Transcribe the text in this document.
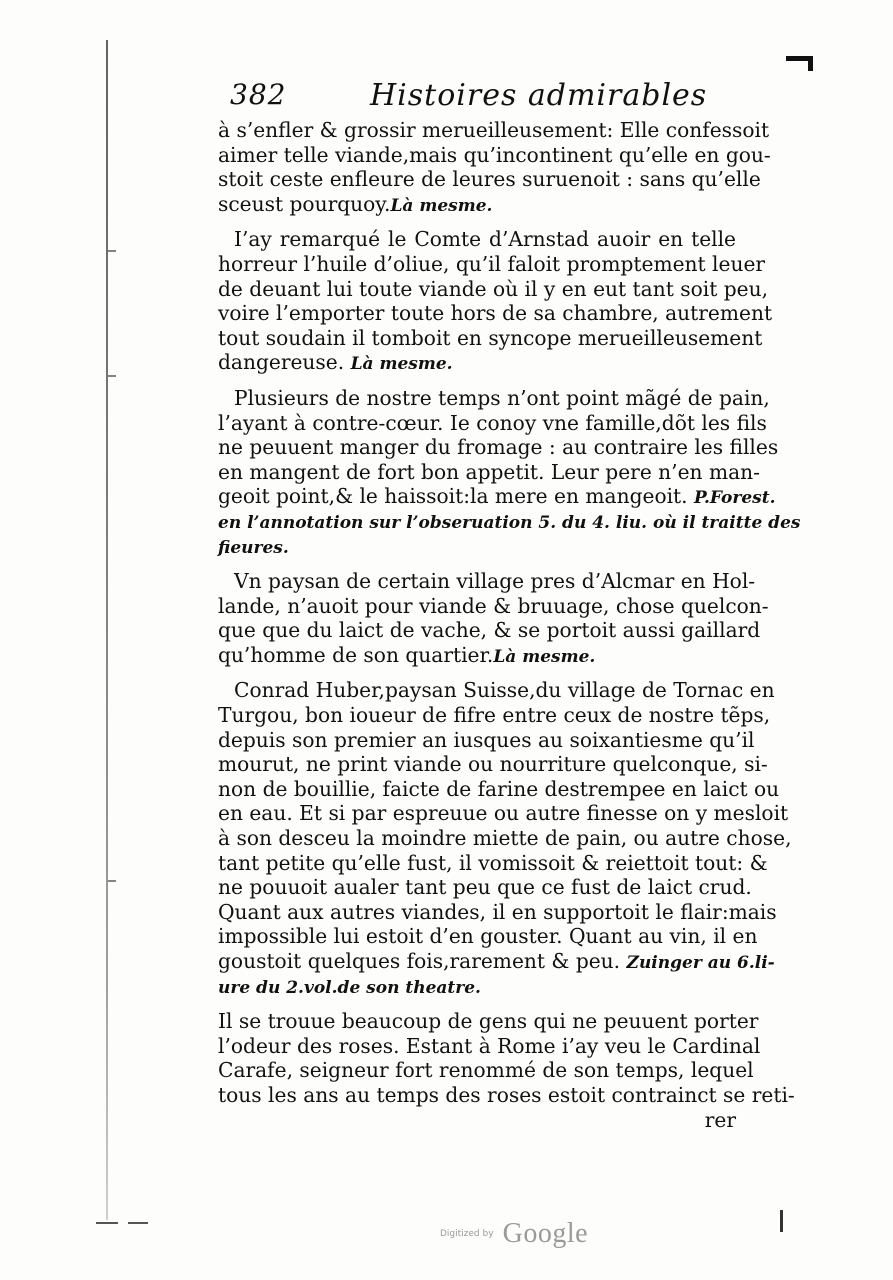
382	Histoires admirables
à s’enfler & grossir merueilleusement: Elle confessoit
aimer telle viande,mais qu’incontinent qu’elle en gou-
stoit ceste enfleure de leures suruenoit : sans qu’elle
sceust pourquoy.Là mesme.
I’ay remarqué le Comte d’Arnstad auoir en telle
horreur l’huile d’oliue, qu’il faloit promptement leuer
de deuant lui toute viande où il y en eut tant soit peu,
voire l’emporter toute hors de sa chambre, autrement
tout soudain il tomboit en syncope merueilleusement
dangereuse. Là mesme.
Plusieurs de nostre temps n’ont point mãgé de pain,
l’ayant à contre-cœur. Ie conoy vne famille,dõt les fils
ne peuuent manger du fromage : au contraire les filles
en mangent de fort bon appetit. Leur pere n’en man-
geoit point,& le haissoit:la mere en mangeoit. P.Forest.
en l’annotation sur l’obseruation 5. du 4. liu. où il traitte des
fieures.
Vn paysan de certain village pres d’Alcmar en Hol-
lande, n’auoit pour viande & bruuage, chose quelcon-
que que du laict de vache, & se portoit aussi gaillard
qu’homme de son quartier.Là mesme.
Conrad Huber,paysan Suisse,du village de Tornac en
Turgou, bon ioueur de fifre entre ceux de nostre tẽps,
depuis son premier an iusques au soixantiesme qu’il
mourut, ne print viande ou nourriture quelconque, si-
non de bouillie, faicte de farine destrempee en laict ou
en eau. Et si par espreuue ou autre finesse on y mesloit
à son desceu la moindre miette de pain, ou autre chose,
tant petite qu’elle fust, il vomissoit & reiettoit tout: &
ne pouuoit aualer tant peu que ce fust de laict crud.
Quant aux autres viandes, il en supportoit le flair:mais
impossible lui estoit d’en gouster. Quant au vin, il en
goustoit quelques fois,rarement & peu. Zuinger au 6.li-
ure du 2.vol.de son theatre.
Il se trouue beaucoup de gens qui ne peuuent porter
l’odeur des roses. Estant à Rome i’ay veu le Cardinal
Carafe, seigneur fort renommé de son temps, lequel
tous les ans au temps des roses estoit contrainct se reti-
rer
Digitized by Google
